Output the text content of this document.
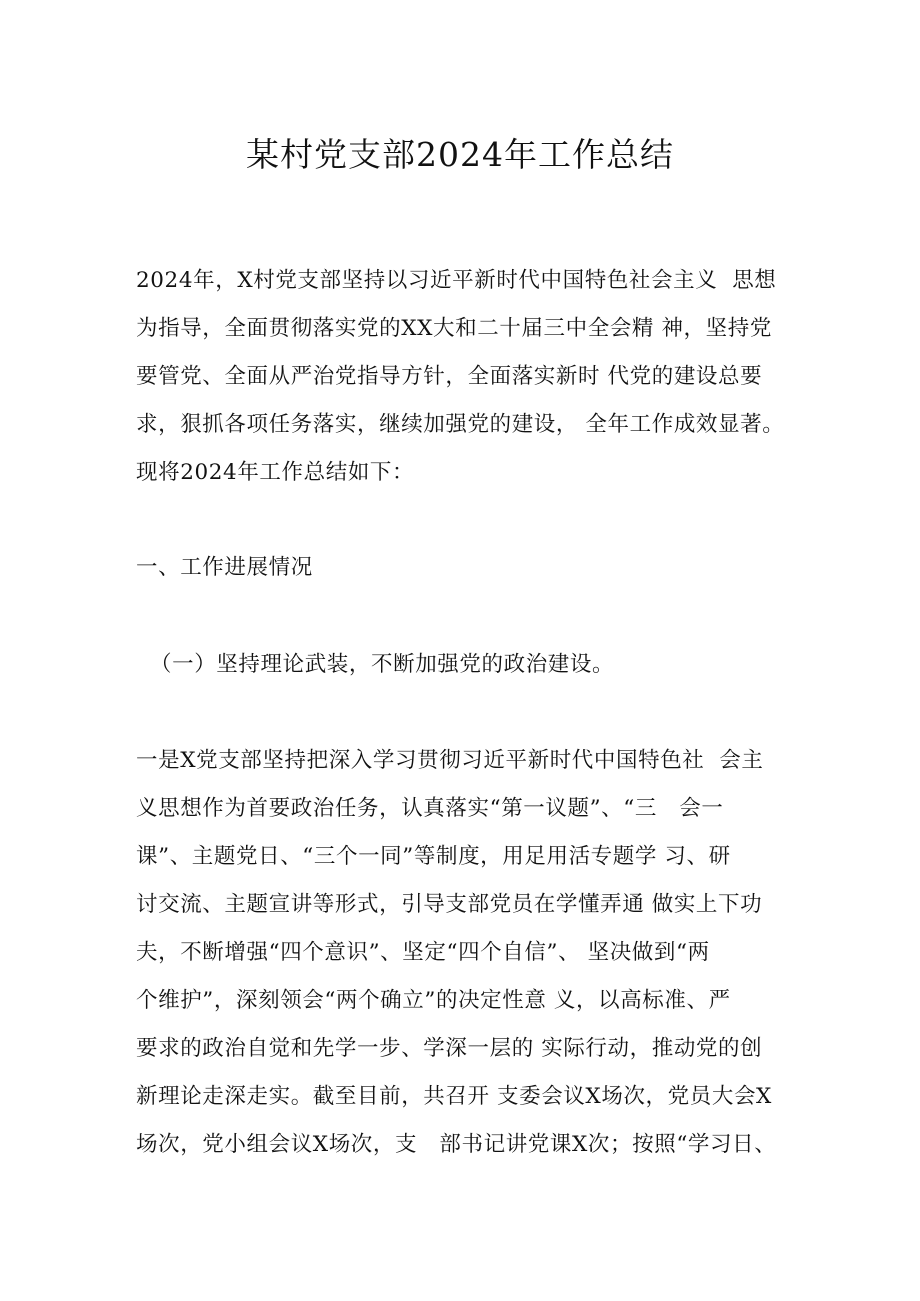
某村党支部2024年工作总结
2024年，X村党支部坚持以习近平新时代中国特色社会主义  思想
为指导，全面贯彻落实党的XX大和二十届三中全会精 神，坚持党
要管党、全面从严治党指导方针，全面落实新时 代党的建设总要
求，狠抓各项任务落实，继续加强党的建设， 全年工作成效显著。
现将2024年工作总结如下：
一、工作进展情况
（一）坚持理论武装，不断加强党的政治建设。
一是X党支部坚持把深入学习贯彻习近平新时代中国特色社  会主
义思想作为首要政治任务，认真落实“第一议题”、“三   会一
课”、主题党日、“三个一同”等制度，用足用活专题学 习、研
讨交流、主题宣讲等形式，引导支部党员在学懂弄通 做实上下功
夫，不断增强“四个意识”、坚定“四个自信”、 坚决做到“两
个维护”，深刻领会“两个确立”的决定性意 义，以高标准、严
要求的政治自觉和先学一步、学深一层的 实际行动，推动党的创
新理论走深走实。截至目前，共召开 支委会议X场次，党员大会X
场次，党小组会议X场次，支   部书记讲党课X次；按照“学习日、
